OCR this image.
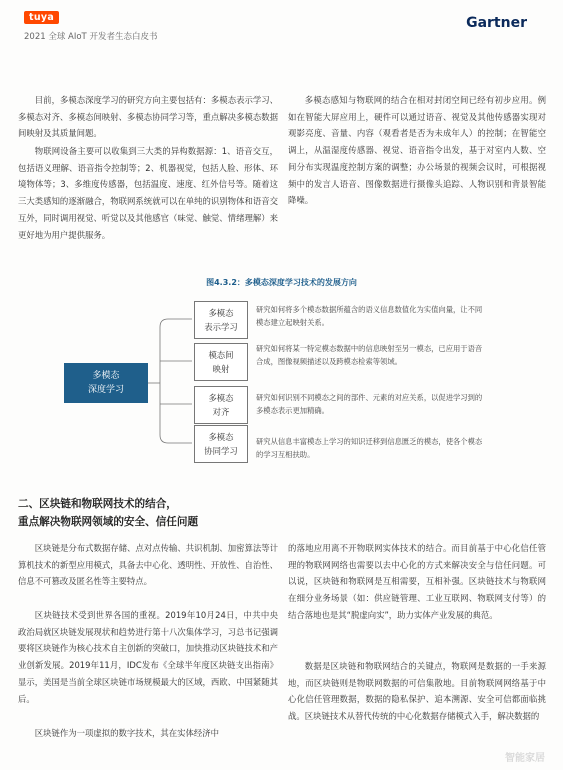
tuya
2021 全球 AIoT 开发者生态白皮书
Gartner

目前，多模态深度学习的研究方向主要包括有：多模态表示学习、多模态对齐、多模态间映射、多模态协同学习等，重点解决多模态数据间映射及其质量间题。

物联网设备主要可以收集到三大类的异构数据源：1、语音交互，包括语义理解、语音指令控制等；2、机器视觉，包括人脸、形体、环境物体等；3、多维度传感器，包括温度、速度、红外信号等。随着这三大类感知的逐渐融合，物联网系统就可以在单纯的识别物体和语音交互外，同时调用视觉、听觉以及其他感官（味觉、触觉、情绪理解）来更好地为用户提供服务。

多模态感知与物联网的结合在相对封闭空间已经有初步应用。例如在智能大屏应用上，硬件可以通过语音、视觉及其他传感器实现对观影亮度、音量、内容（观看者是否为未成年人）的控制；在智能空调上，从温湿度传感器、视觉、语音指令出发，基于对室内人数、空间分布实现温度控制方案的调整；办公场景的视频会议时，可根据视频中的发言人语音、图像数据进行摄像头追踪、人物识别和背景智能降噪。

图4.3.2：多模态深度学习技术的发展方向
多模态
深度学习
多模态
表示学习

研究如何将多个模态数据所蕴含的语义信息数值化为实值向量，让不同模态建立起映射关系。

模态间
映射

研究如何将某一特定模态数据中的信息映射至另一模态，已应用于语音合成，图像视频描述以及跨模态检索等领域。

多模态
对齐

研究如何识别不同模态之间的部件、元素的对应关系，以促进学习到的多模态表示更加精确。

多模态
协同学习

研究从信息丰富模态上学习的知识迁移到信息匮乏的模态，使各个模态的学习互相扶助。

二、区块链和物联网技术的结合，
重点解决物联网领域的安全、信任问题

区块链是分布式数据存储、点对点传输、共识机制、加密算法等计算机技术的新型应用模式，具备去中心化、透明性、开放性、自治性、信息不可篡改及匿名性等主要特点。

区块链技术受到世界各国的重视。2019年10月24日，中共中央政治局就区块链发展现状和趋势进行第十八次集体学习，习总书记强调要将区块链作为核心技术自主创新的突破口，加快推动区块链技术和产业创新发展。2019年11月，IDC发布《全球半年度区块链支出指南》显示，美国是当前全球区块链市场规模最大的区域，西欧、中国紧随其后。

区块链作为一项虚拟的数字技术，其在实体经济中

的落地应用离不开物联网实体技术的结合。而目前基于中心化信任管理的物联网网络也需要以去中心化的方式来解决安全与信任问题。可以说，区块链和物联网是互相需要，互相补强。区块链技术与物联网在细分业务场景（如：供应链管理、工业互联网、物联网支付等）的结合落地也是其“脱虚向实”，助力实体产业发展的典范。

数据是区块链和物联网结合的关键点，物联网是数据的一手来源地，而区块链则是物联网数据的可信集散地。目前物联网网络基于中心化信任管理数据，数据的隐私保护、追本溯源、安全可信都面临挑战。区块链技术从替代传统的中心化数据存储模式入手，解决数据的

智能家居
